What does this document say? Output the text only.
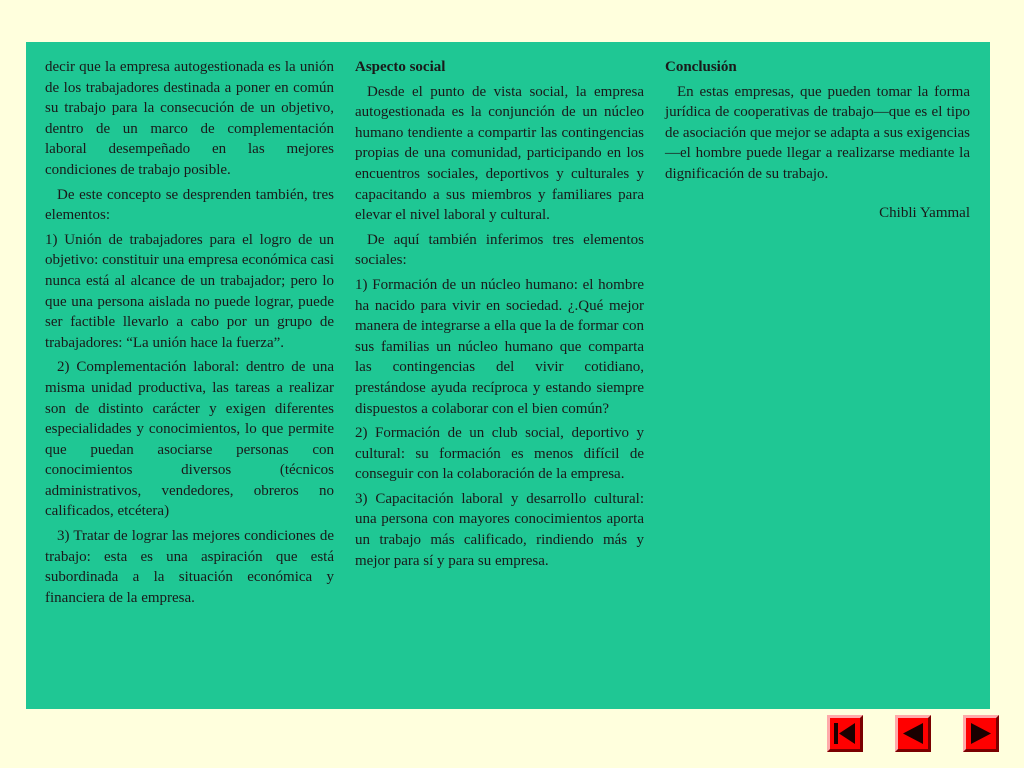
decir que la empresa autogestionada es la unión de los trabajadores destinada a poner en común su trabajo para la consecución de un objetivo, dentro de un marco de complementación laboral desempeñado en las mejores condiciones de trabajo posible.

De este concepto se desprenden también, tres elementos:

1) Unión de trabajadores para el logro de un objetivo: constituir una empresa económica casi nunca está al alcance de un trabajador; pero lo que una persona aislada no puede lograr, puede ser factible llevarlo a cabo por un grupo de trabajadores: “La unión hace la fuerza”.

2) Complementación laboral: dentro de una misma unidad productiva, las tareas a realizar son de distinto carácter y exigen diferentes especialidades y conocimientos, lo que permite que puedan asociarse personas con conocimientos diversos (técnicos administrativos, vendedores, obreros no calificados, etcétera)

3) Tratar de lograr las mejores condiciones de trabajo: esta es una aspiración que está subordinada a la situación económica y financiera de la empresa.

Aspecto social

Desde el punto de vista social, la empresa autogestionada es la conjunción de un núcleo humano tendiente a compartir las contingencias propias de una comunidad, participando en los encuentros sociales, deportivos y culturales y capacitando a sus miembros y familiares para elevar el nivel laboral y cultural.

De aquí también inferimos tres elementos sociales:

1) Formación de un núcleo humano: el hombre ha nacido para vivir en sociedad. ¿.Qué mejor manera de integrarse a ella que la de formar con sus familias un núcleo humano que comparta las contingencias del vivir cotidiano, prestándose ayuda recíproca y estando siempre dispuestos a colaborar con el bien común?

2) Formación de un club social, deportivo y cultural: su formación es menos difícil de conseguir con la colaboración de la empresa.

3) Capacitación laboral y desarrollo cultural: una persona con mayores conocimientos aporta un trabajo más calificado, rindiendo más y mejor para sí y para su empresa.

Conclusión

En estas empresas, que pueden tomar la forma jurídica de cooperativas de trabajo—que es el tipo de asociación que mejor se adapta a sus exigencias—el hombre puede llegar a realizarse mediante la dignificación de su trabajo.

Chibli Yammal
